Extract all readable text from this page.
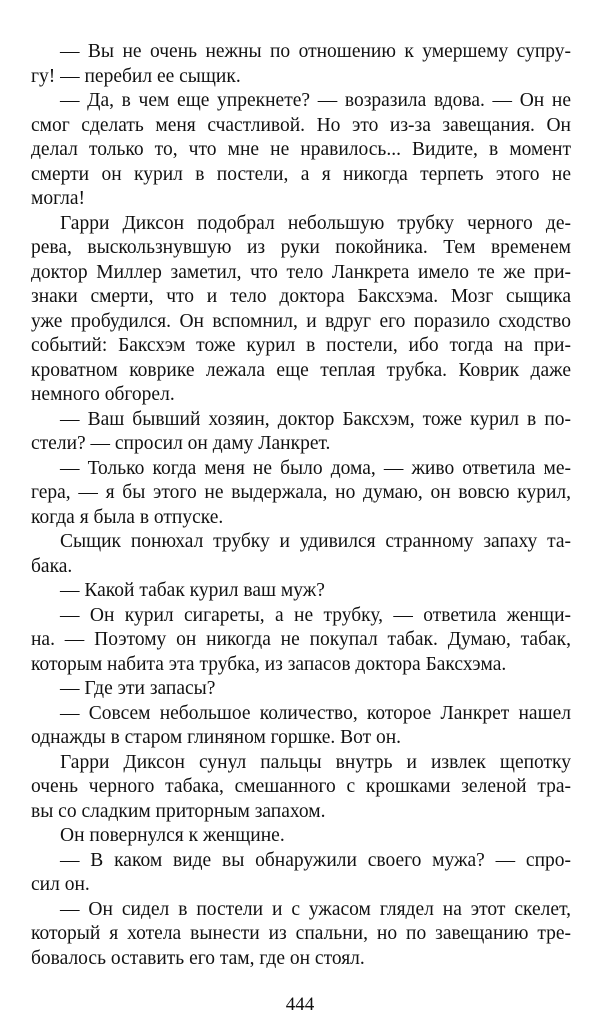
— Вы не очень нежны по отношению к умершему супру-
гу! — перебил ее сыщик.
— Да, в чем еще упрекнете? — возразила вдова. — Он не
смог сделать меня счастливой. Но это из-за завещания. Он
делал только то, что мне не нравилось... Видите, в момент
смерти он курил в постели, а я никогда терпеть этого не
могла!
Гарри Диксон подобрал небольшую трубку черного де-
рева, выскользнувшую из руки покойника. Тем временем
доктор Миллер заметил, что тело Ланкрета имело те же при-
знаки смерти, что и тело доктора Баксхэма. Мозг сыщика
уже пробудился. Он вспомнил, и вдруг его поразило сходство
событий: Баксхэм тоже курил в постели, ибо тогда на при-
кроватном коврике лежала еще теплая трубка. Коврик даже
немного обгорел.
— Ваш бывший хозяин, доктор Баксхэм, тоже курил в по-
стели? — спросил он даму Ланкрет.
— Только когда меня не было дома, — живо ответила ме-
гера, — я бы этого не выдержала, но думаю, он вовсю курил,
когда я была в отпуске.
Сыщик понюхал трубку и удивился странному запаху та-
бака.
— Какой табак курил ваш муж?
— Он курил сигареты, а не трубку, — ответила женщи-
на. — Поэтому он никогда не покупал табак. Думаю, табак,
которым набита эта трубка, из запасов доктора Баксхэма.
— Где эти запасы?
— Совсем небольшое количество, которое Ланкрет нашел
однажды в старом глиняном горшке. Вот он.
Гарри Диксон сунул пальцы внутрь и извлек щепотку
очень черного табака, смешанного с крошками зеленой тра-
вы со сладким приторным запахом.
Он повернулся к женщине.
— В каком виде вы обнаружили своего мужа? — спро-
сил он.
— Он сидел в постели и с ужасом глядел на этот скелет,
который я хотела вынести из спальни, но по завещанию тре-
бовалось оставить его там, где он стоял.
444
